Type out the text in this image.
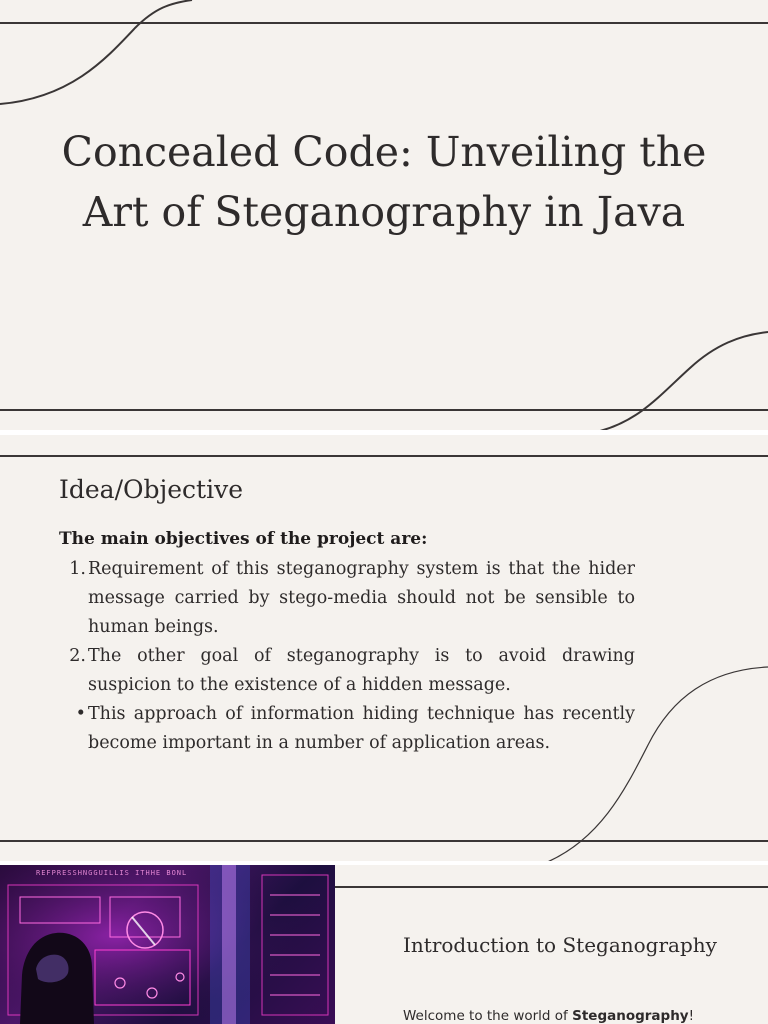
Concealed Code: Unveiling the
Art of Steganography in Java
Idea/Objective

The main objectives of the project are:

1. Requirement of this steganography system is that the hider message carried by stego-media should not be sensible to human beings.
2. The other goal of steganography is to avoid drawing suspicion to the existence of a hidden message.
• This approach of information hiding technique has recently become important in a number of application areas.

REFPRESSHNGGUILLIS ITHHE BONL

Introduction to Steganography

Welcome to the world of Steganography!
